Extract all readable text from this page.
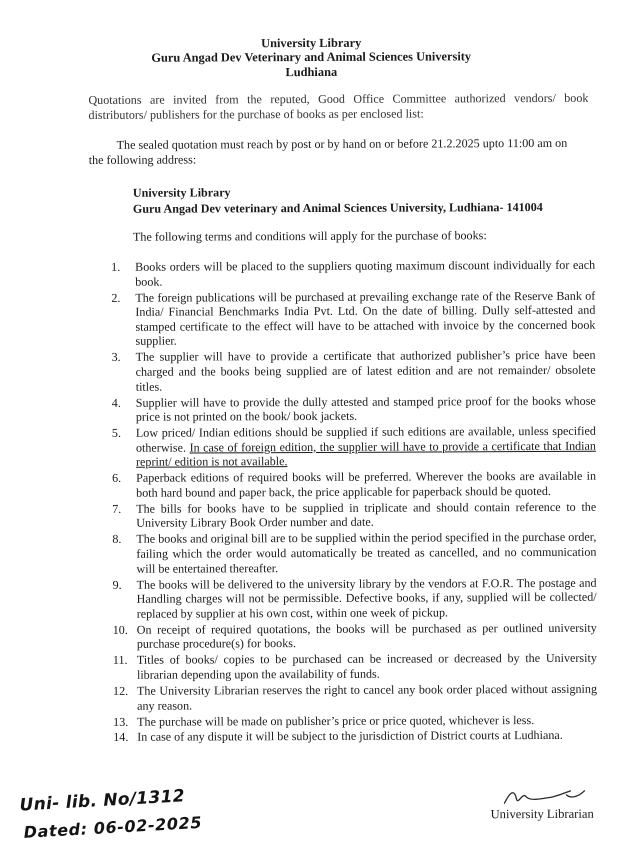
University Library
Guru Angad Dev Veterinary and Animal Sciences University
Ludhiana
Quotations are invited from the reputed, Good Office Committee authorized vendors/ book distributors/ publishers for the purchase of books as per enclosed list:
The sealed quotation must reach by post or by hand on or before 21.2.2025 upto 11:00 am on the following address:
University Library
Guru Angad Dev veterinary and Animal Sciences University, Ludhiana- 141004
The following terms and conditions will apply for the purchase of books:
1.	Books orders will be placed to the suppliers quoting maximum discount individually for each book.
2.	The foreign publications will be purchased at prevailing exchange rate of the Reserve Bank of India/ Financial Benchmarks India Pvt. Ltd. On the date of billing. Dully self-attested and stamped certificate to the effect will have to be attached with invoice by the concerned book supplier.
3.	The supplier will have to provide a certificate that authorized publisher’s price have been charged and the books being supplied are of latest edition and are not remainder/ obsolete titles.
4.	Supplier will have to provide the dully attested and stamped price proof for the books whose price is not printed on the book/ book jackets.
5.	Low priced/ Indian editions should be supplied if such editions are available, unless specified otherwise. In case of foreign edition, the supplier will have to provide a certificate that Indian reprint/ edition is not available.
6.	Paperback editions of required books will be preferred. Wherever the books are available in both hard bound and paper back, the price applicable for paperback should be quoted.
7.	The bills for books have to be supplied in triplicate and should contain reference to the University Library Book Order number and date.
8.	The books and original bill are to be supplied within the period specified in the purchase order, failing which the order would automatically be treated as cancelled, and no communication will be entertained thereafter.
9.	The books will be delivered to the university library by the vendors at F.O.R. The postage and Handling charges will not be permissible. Defective books, if any, supplied will be collected/ replaced by supplier at his own cost, within one week of pickup.
10. On receipt of required quotations, the books will be purchased as per outlined university purchase procedure(s) for books.
11. Titles of books/ copies to be purchased can be increased or decreased by the University librarian depending upon the availability of funds.
12. The University Librarian reserves the right to cancel any book order placed without assigning any reason.
13. The purchase will be made on publisher’s price or price quoted, whichever is less.
14. In case of any dispute it will be subject to the jurisdiction of District courts at Ludhiana.
Uni- lib. No/1312
Dated: 06-02-2025	University Librarian
